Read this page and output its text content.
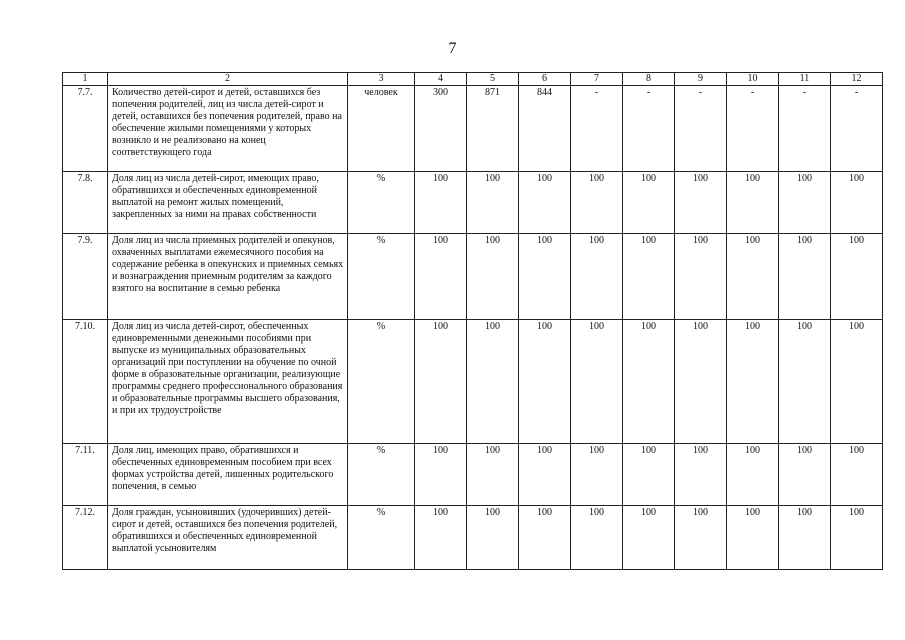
7
1	2	3	4	5	6	7	8	9	10	11	12
7.7.	Количество детей-сирот и детей, оставшихся без попечения родителей, лиц из числа детей-сирот и детей, оставшихся без попечения родителей, право на обеспечение жилыми помещениями у которых возникло и не реализовано на конец соответствующего года	человек	300	871	844	-	-	-	-	-	-
7.8.	Доля лиц из числа детей-сирот, имеющих право, обратившихся и обеспеченных единовременной выплатой на ремонт жилых помещений, закрепленных за ними на правах собственности	%	100	100	100	100	100	100	100	100	100
7.9.	Доля лиц из числа приемных родителей и опекунов, охваченных выплатами ежемесячного пособия на содержание ребенка в опекунских и приемных семьях и вознаграждения приемным родителям за каждого взятого на воспитание в семью ребенка	%	100	100	100	100	100	100	100	100	100
7.10.	Доля лиц из числа детей-сирот, обеспеченных единовременными денежными пособиями при выпуске из муниципальных образовательных организаций при поступлении на обучение по очной форме в образовательные организации, реализующие программы среднего профессионального образования и образовательные программы высшего образования, и при их трудоустройстве	%	100	100	100	100	100	100	100	100	100
7.11.	Доля лиц, имеющих право, обратившихся и обеспеченных единовременным пособием при всех формах устройства детей, лишенных родительского попечения, в семью	%	100	100	100	100	100	100	100	100	100
7.12.	Доля граждан, усыновивших (удочеривших) детей-сирот и детей, оставшихся без попечения родителей, обратившихся и обеспеченных единовременной выплатой усыновителям	%	100	100	100	100	100	100	100	100	100
